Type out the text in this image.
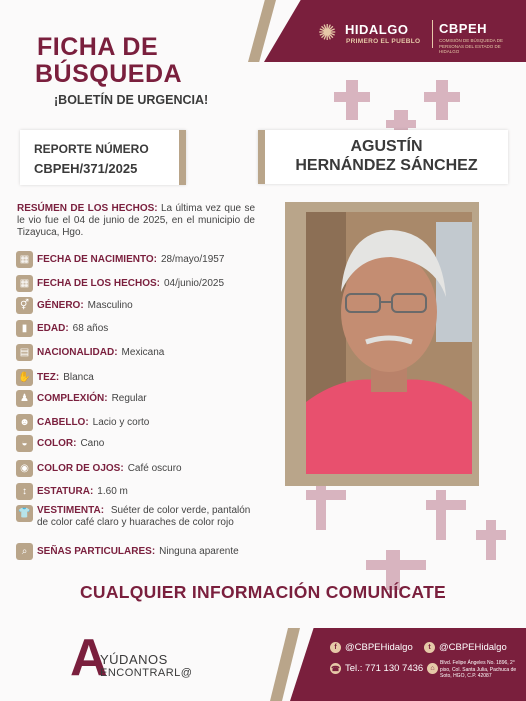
✺ HIDALGO
PRIMERO EL PUEBLO
CBPEH
COMISIÓN DE BÚSQUEDA DE PERSONAS DEL ESTADO DE HIDALGO
FICHA DE
BÚSQUEDA
¡BOLETÍN DE URGENCIA!
REPORTE NÚMERO
CBPEH/371/2025
AGUSTÍN
HERNÁNDEZ SÁNCHEZ
RESÚMEN DE LOS HECHOS: La última vez que se le vio fue el 04 de junio de 2025, en el municipio de Tizayuca, Hgo.
▦ FECHA DE NACIMIENTO: 28/mayo/1957
▦ FECHA DE LOS HECHOS: 04/junio/2025
⚥ GÉNERO: Masculino
▮ EDAD: 68 años
▤ NACIONALIDAD: Mexicana
✋ TEZ: Blanca
♟ COMPLEXIÓN: Regular
☻ CABELLO: Lacio y corto
◒ COLOR: Cano
◉ COLOR DE OJOS: Café oscuro
↕	ESTATURA: 1.60 m
👕 VESTIMENTA: Suéter de color verde, pantalón de color café claro y huaraches de color rojo
⌕ SEÑAS PARTICULARES: Ninguna aparente
CUALQUIER INFORMACIÓN COMUNÍCATE
A
YÚDANOS
ENCONTRARL@
f @CBPEHidalgo	t @CBPEHidalgo
☎ Tel.: 771 130 7436	⌂
Blvd. Felipe Ángeles No. 1896, 2° piso, Col. Santa Julia, Pachuca de Soto, HGO, C.P. 42087
